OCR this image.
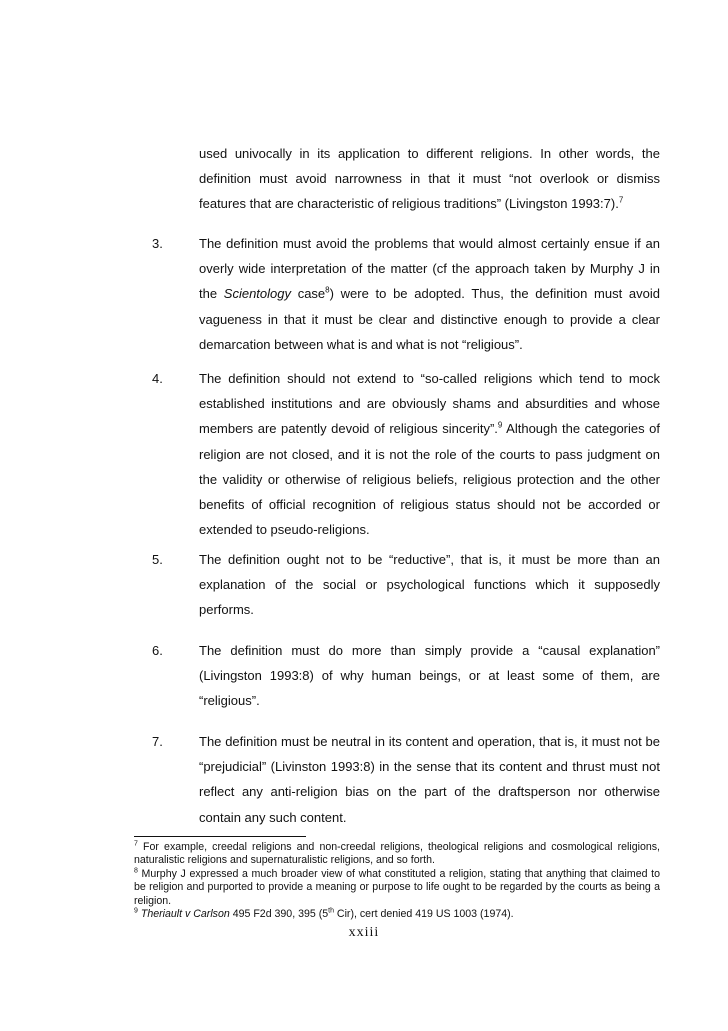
used univocally in its application to different religions. In other words, the definition must avoid narrowness in that it must “not overlook or dismiss features that are characteristic of religious traditions” (Livingston 1993:7).$^7$
3.	The definition must avoid the problems that would almost certainly ensue if an overly wide interpretation of the matter (cf the approach taken by Murphy J in the Scientology case$^8$) were to be adopted. Thus, the definition must avoid vagueness in that it must be clear and distinctive enough to provide a clear demarcation between what is and what is not “religious”.
4.	The definition should not extend to “so-called religions which tend to mock established institutions and are obviously shams and absurdities and whose members are patently devoid of religious sincerity”.$^9$ Although the categories of religion are not closed, and it is not the role of the courts to pass judgment on the validity or otherwise of religious beliefs, religious protection and the other benefits of official recognition of religious status should not be accorded or extended to pseudo-religions.
5.	The definition ought not to be “reductive”, that is, it must be more than an explanation of the social or psychological functions which it supposedly performs.
6.	The definition must do more than simply provide a “causal explanation” (Livingston 1993:8) of why human beings, or at least some of them, are “religious”.
7.	The definition must be neutral in its content and operation, that is, it must not be “prejudicial” (Livinston 1993:8) in the sense that its content and thrust must not reflect any anti-religion bias on the part of the draftsperson nor otherwise contain any such content.

$^7$ For example, creedal religions and non-creedal religions, theological religions and cosmological religions, naturalistic religions and supernaturalistic religions, and so forth.

$^8$ Murphy J expressed a much broader view of what constituted a religion, stating that anything that claimed to be religion and purported to provide a meaning or purpose to life ought to be regarded by the courts as being a religion.

$^9$ Theriault v Carlson 495 F2d 390, 395 (5th Cir), cert denied 419 US 1003 (1974).

xxiii
